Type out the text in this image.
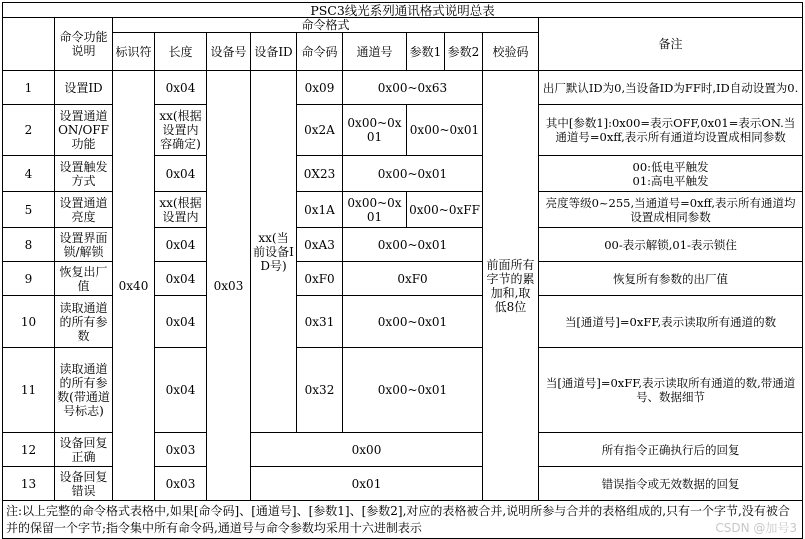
PSC3线光系列通讯格式说明总表											
	命令功能说明	命令格式									备注
		标识符	长度	设备号	设备ID	命令码	通道号	参数1	参数2	校验码	
1	设置ID	0x40	0x04	0x03	xx(当前设备ID号)	0x09	0x00~0x63			前面所有字节的累加和,取低8位	出厂默认ID为0,当设备ID为FF时,ID自动设置为0.
2	设置通道ON/OFF功能		xx(根据设置内容确定)			0x2A	0x00~0x01	0x00~0x01			其中[参数1]:0x00=表示OFF,0x01=表示ON.当通道号=0xff,表示所有通道均设置成相同参数
4	设置触发方式		0x04			0X23	0x00~0x01				00:低电平触发
01:高电平触发
5	设置通道亮度		xx(根据设置内			0x1A	0x00~0x01	0x00~0xFF			亮度等级0~255,当通道号=0xff,表示所有通道均设置成相同参数
8	设置界面锁/解锁		0x04			0xA3	0x00~0x01				00-表示解锁,01-表示锁住
9	恢复出厂值		0x04			0xF0	0xF0				恢复所有参数的出厂值
10	读取通道的所有参数		0x04			0x31	0x00~0x01				当[通道号]=0xFF,表示读取所有通道的数
11	读取通道的所有参数(带通道号标志)		0x04			0x32	0x00~0x01				当[通道号]=0xFF,表示读取所有通道的数,带通道号、数据细节
12	设备回复正确		0x03		0x00						所有指令正确执行后的回复
13	设备回复错误		0x03		0x01						错误指令或无效数据的回复
注:以上完整的命令格式表格中,如果[命令码]、[通道号]、[参数1]、[参数2],对应的表格被合并,说明所参与合并的表格组成的,只有一个字节,没有被合并的保留一个字节;指令集中所有命令码,通道号与命令参数均采用十六进制表示												CSDN @加号3
